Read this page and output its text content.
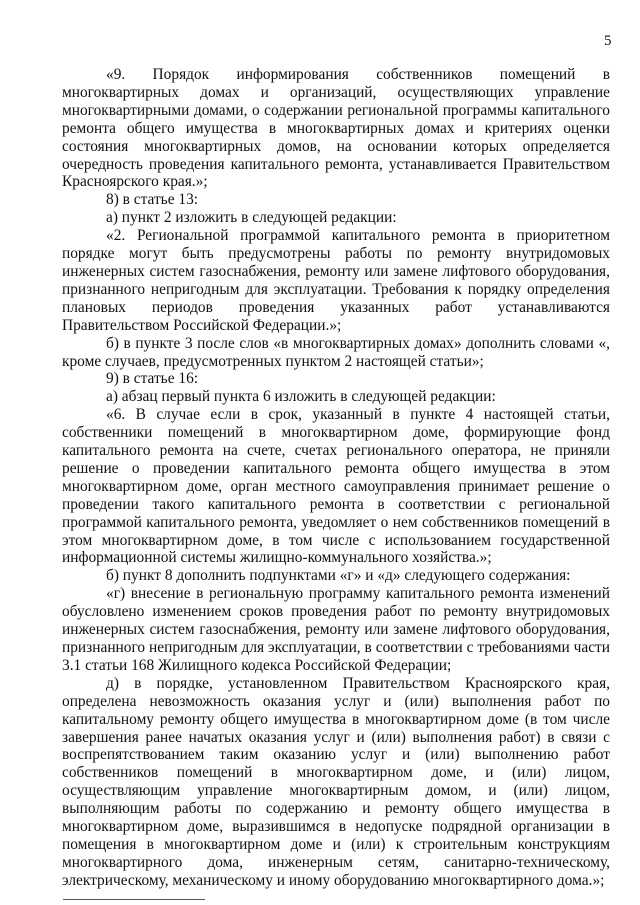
5

«9. Порядок информирования собственников помещений в многоквартирных домах и организаций, осуществляющих управление многоквартирными домами, о содержании региональной программы капитального ремонта общего имущества в многоквартирных домах и критериях оценки состояния многоквартирных домов, на основании которых определяется очередность проведения капитального ремонта, устанавливается Правительством Красноярского края.»;

8) в статье 13:

а) пункт 2 изложить в следующей редакции:

«2. Региональной программой капитального ремонта в приоритетном порядке могут быть предусмотрены работы по ремонту внутридомовых инженерных систем газоснабжения, ремонту или замене лифтового оборудования, признанного непригодным для эксплуатации. Требования к порядку определения плановых периодов проведения указанных работ устанавливаются Правительством Российской Федерации.»;

б) в пункте 3 после слов «в многоквартирных домах» дополнить словами «, кроме случаев, предусмотренных пунктом 2 настоящей статьи»;

9) в статье 16:

а) абзац первый пункта 6 изложить в следующей редакции:

«6. В случае если в срок, указанный в пункте 4 настоящей статьи, собственники помещений в многоквартирном доме, формирующие фонд капитального ремонта на счете, счетах регионального оператора, не приняли решение о проведении капитального ремонта общего имущества в этом многоквартирном доме, орган местного самоуправления принимает решение о проведении такого капитального ремонта в соответствии с региональной программой капитального ремонта, уведомляет о нем собственников помещений в этом многоквартирном доме, в том числе с использованием государственной информационной системы жилищно-коммунального хозяйства.»;

б) пункт 8 дополнить подпунктами «г» и «д» следующего содержания:

«г) внесение в региональную программу капитального ремонта изменений обусловлено изменением сроков проведения работ по ремонту внутридомовых инженерных систем газоснабжения, ремонту или замене лифтового оборудования, признанного непригодным для эксплуатации, в соответствии с требованиями части 3.1 статьи 168 Жилищного кодекса Российской Федерации;

д) в порядке, установленном Правительством Красноярского края, определена невозможность оказания услуг и (или) выполнения работ по капитальному ремонту общего имущества в многоквартирном доме (в том числе завершения ранее начатых оказания услуг и (или) выполнения работ) в связи с воспрепятствованием таким оказанию услуг и (или) выполнению работ собственников помещений в многоквартирном доме, и (или) лицом, осуществляющим управление многоквартирным домом, и (или) лицом, выполняющим работы по содержанию и ремонту общего имущества в многоквартирном доме, выразившимся в недопуске подрядной организации в помещения в многоквартирном доме и (или) к строительным конструкциям многоквартирного дома, инженерным сетям, санитарно-техническому, электрическому, механическому и иному оборудованию многоквартирного дома.»;
